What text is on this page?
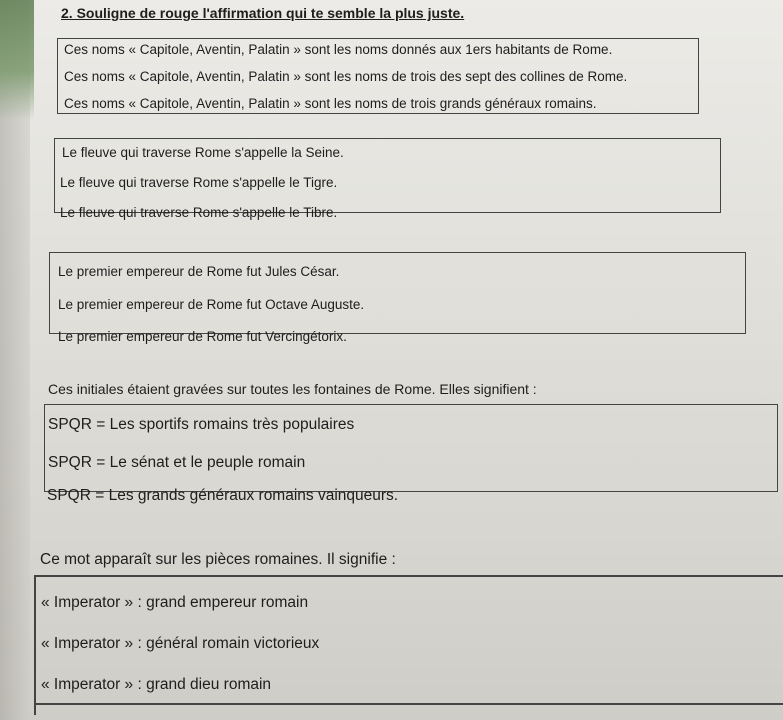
2. Souligne de rouge l'affirmation qui te semble la plus juste.
Ces noms « Capitole, Aventin, Palatin » sont les noms donnés aux 1ers habitants de Rome.
Ces noms « Capitole, Aventin, Palatin » sont les noms de trois des sept des collines de Rome.
Ces noms « Capitole, Aventin, Palatin » sont les noms de trois grands généraux romains.
Le fleuve qui traverse Rome s'appelle la Seine.
Le fleuve qui traverse Rome s'appelle le Tigre.
Le fleuve qui traverse Rome s'appelle le Tibre.
Le premier empereur de Rome fut Jules César.
Le premier empereur de Rome fut Octave Auguste.
Le premier empereur de Rome fut Vercingétorix.
Ces initiales étaient gravées sur toutes les fontaines de Rome. Elles signifient :
SPQR = Les sportifs romains très populaires
SPQR = Le sénat et le peuple romain
SPQR = Les grands généraux romains vainqueurs.
Ce mot apparaît sur les pièces romaines. Il signifie :
« Imperator » : grand empereur romain
« Imperator » : général romain victorieux
« Imperator » : grand dieu romain
